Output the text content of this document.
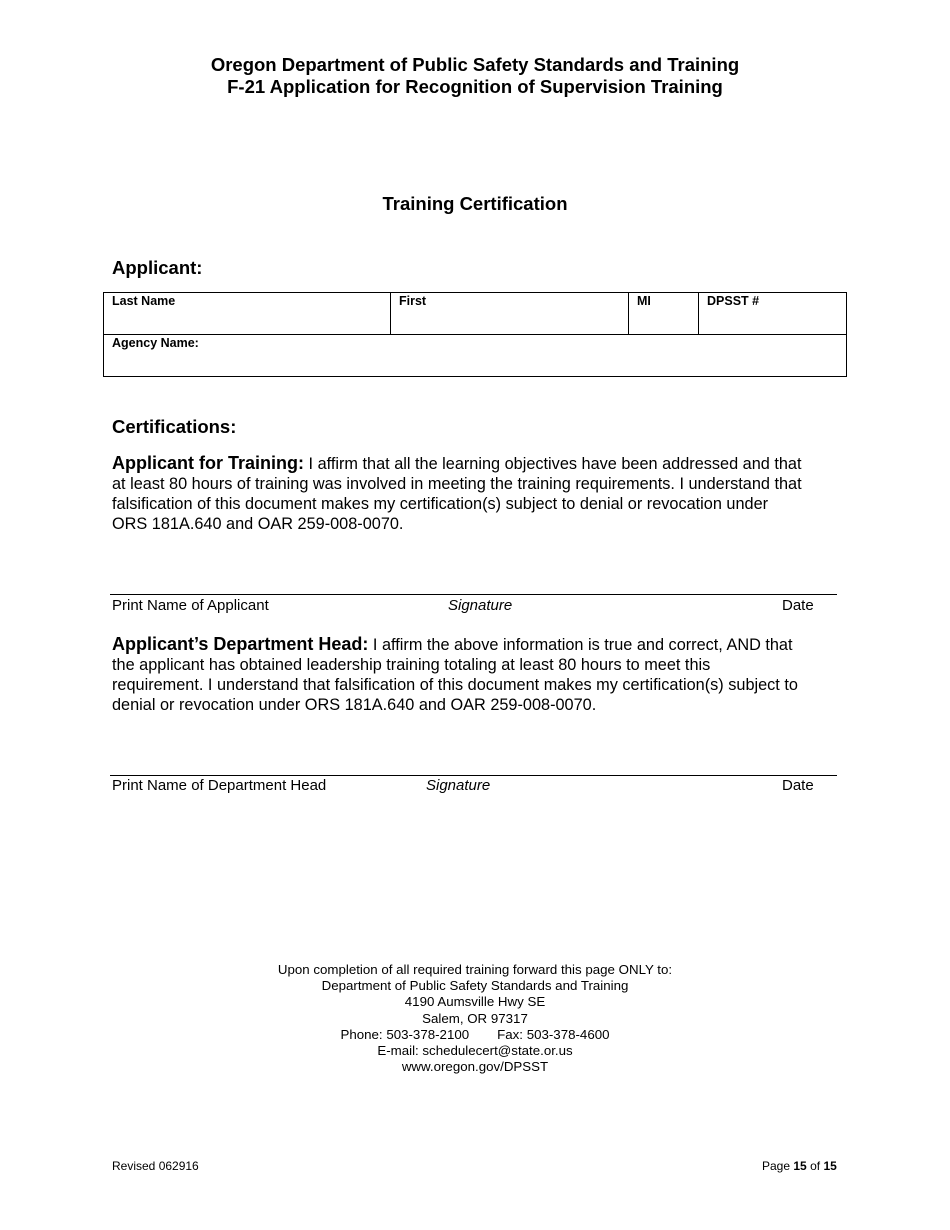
Oregon Department of Public Safety Standards and Training
F-21 Application for Recognition of Supervision Training
Training Certification
Applicant:
Last Name	First	MI	DPSST #
Agency Name:
Certifications:
Applicant for Training: I affirm that all the learning objectives have been addressed and that
at least 80 hours of training was involved in meeting the training requirements. I understand that
falsification of this document makes my certification(s) subject to denial or revocation under
ORS 181A.640 and OAR 259-008-0070.
Print Name of Applicant	Signature	Date
Applicant’s Department Head: I affirm the above information is true and correct, AND that
the applicant has obtained leadership training totaling at least 80 hours to meet this
requirement. I understand that falsification of this document makes my certification(s) subject to
denial or revocation under ORS 181A.640 and OAR 259-008-0070.
Print Name of Department Head	Signature	Date
Upon completion of all required training forward this page ONLY to:
Department of Public Safety Standards and Training
4190 Aumsville Hwy SE
Salem, OR 97317
Phone: 503-378-2100 Fax: 503-378-4600
E-mail: schedulecert@state.or.us
www.oregon.gov/DPSST
Revised 062916	Page 15 of 15
